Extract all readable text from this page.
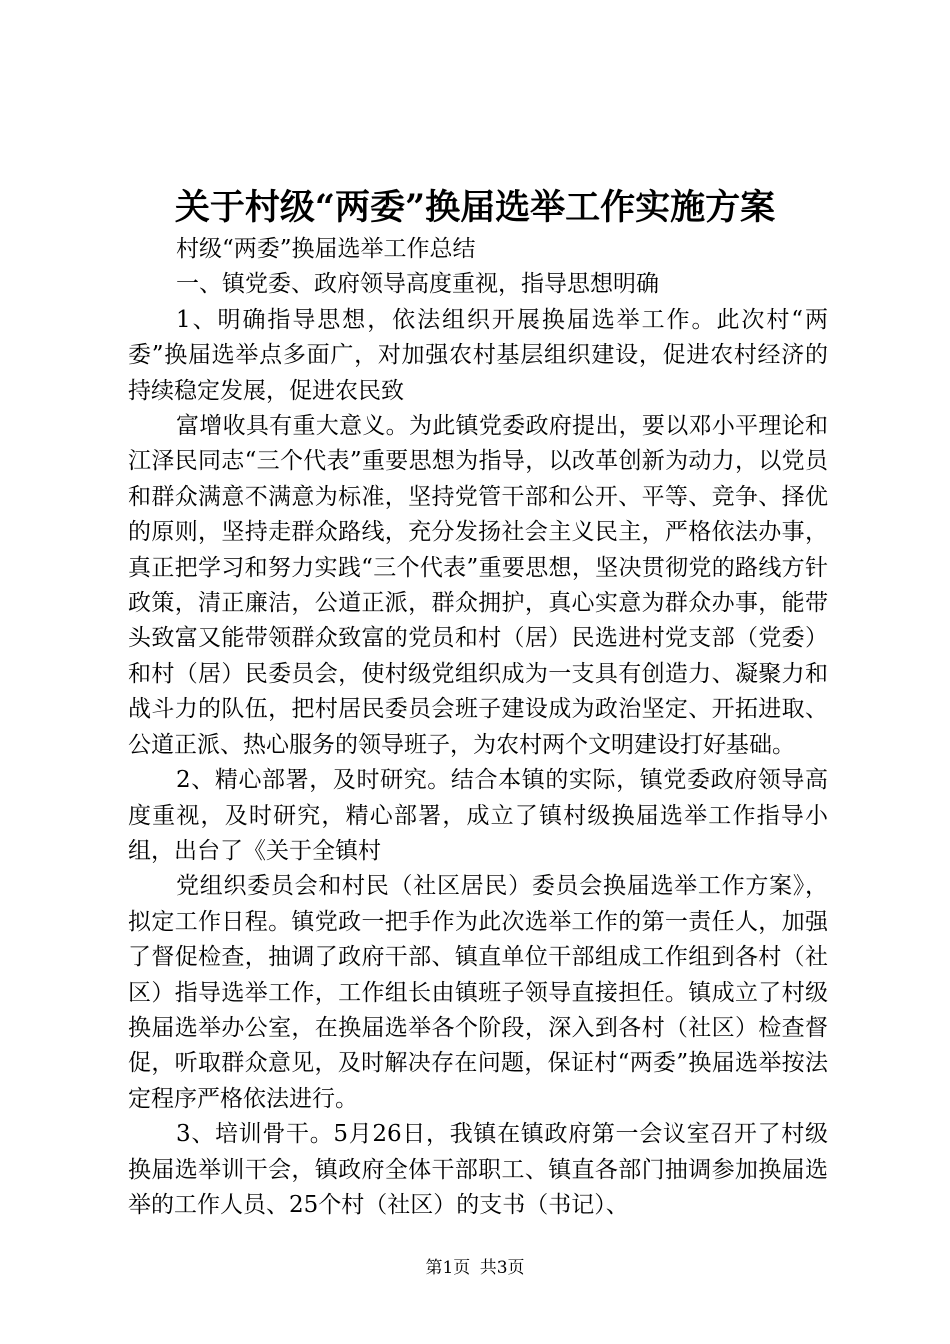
关于村级“两委”换届选举工作实施方案

村级“两委”换届选举工作总结

一、镇党委、政府领导高度重视，指导思想明确

1、明确指导思想，依法组织开展换届选举工作。此次村“两委”换届选举点多面广，对加强农村基层组织建设，促进农村经济的持续稳定发展，促进农民致

富增收具有重大意义。为此镇党委政府提出，要以邓小平理论和江泽民同志“三个代表”重要思想为指导，以改革创新为动力，以党员和群众满意不满意为标准，坚持党管干部和公开、平等、竞争、择优的原则，坚持走群众路线，充分发扬社会主义民主，严格依法办事，真正把学习和努力实践“三个代表”重要思想，坚决贯彻党的路线方针政策，清正廉洁，公道正派，群众拥护，真心实意为群众办事，能带头致富又能带领群众致富的党员和村（居）民选进村党支部（党委）和村（居）民委员会，使村级党组织成为一支具有创造力、凝聚力和战斗力的队伍，把村居民委员会班子建设成为政治坚定、开拓进取、公道正派、热心服务的领导班子，为农村两个文明建设打好基础。

2、精心部署，及时研究。结合本镇的实际，镇党委政府领导高度重视，及时研究，精心部署，成立了镇村级换届选举工作指导小组，出台了《关于全镇村

党组织委员会和村民（社区居民）委员会换届选举工作方案》，拟定工作日程。镇党政一把手作为此次选举工作的第一责任人，加强了督促检查，抽调了政府干部、镇直单位干部组成工作组到各村（社区）指导选举工作，工作组长由镇班子领导直接担任。镇成立了村级换届选举办公室，在换届选举各个阶段，深入到各村（社区）检查督促，听取群众意见，及时解决存在问题，保证村“两委”换届选举按法定程序严格依法进行。

3、培训骨干。5月26日，我镇在镇政府第一会议室召开了村级换届选举训干会，镇政府全体干部职工、镇直各部门抽调参加换届选举的工作人员、25个村（社区）的支书（书记）、

第1页 共3页
